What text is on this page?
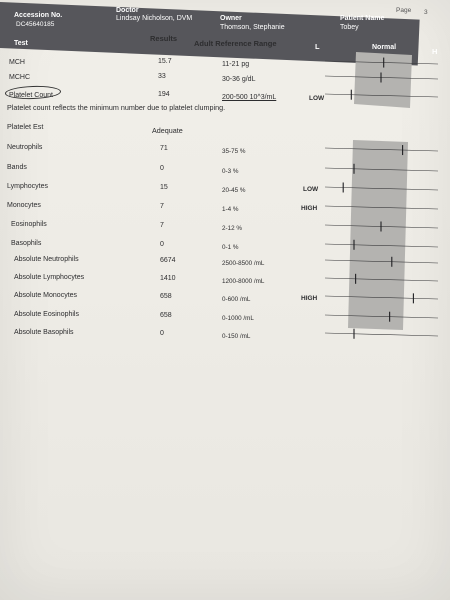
Page 3
Accession No.
DC45640185
Doctor
Lindsay Nicholson, DVM	Owner
Thomson, Stephanie
Patient Name
Tobey
Test
Results
Adult Reference Range	L	Normal	H
MCH	15.7	11-21 pg
MCHC	33	30-36 g/dL
Platelet Count	194	200-500 10^3/mL	LOW
Neutrophils	71	35-75 %
Bands	0	0-3 %
Lymphocytes	15	20-45 %	LOW
Monocytes	7	1-4 %	HIGH
Eosinophils	7	2-12 %
Basophils	0	0-1 %
Absolute Neutrophils	6674	2500-8500 /mL
Absolute Lymphocytes	1410	1200-8000 /mL
Absolute Monocytes	658	0-600 /mL	HIGH
Absolute Eosinophils	658	0-1000 /mL
Absolute Basophils	0	0-150 /mL
Platelet count reflects the minimum number due to platelet clumping.
Platelet Est	Adequate
